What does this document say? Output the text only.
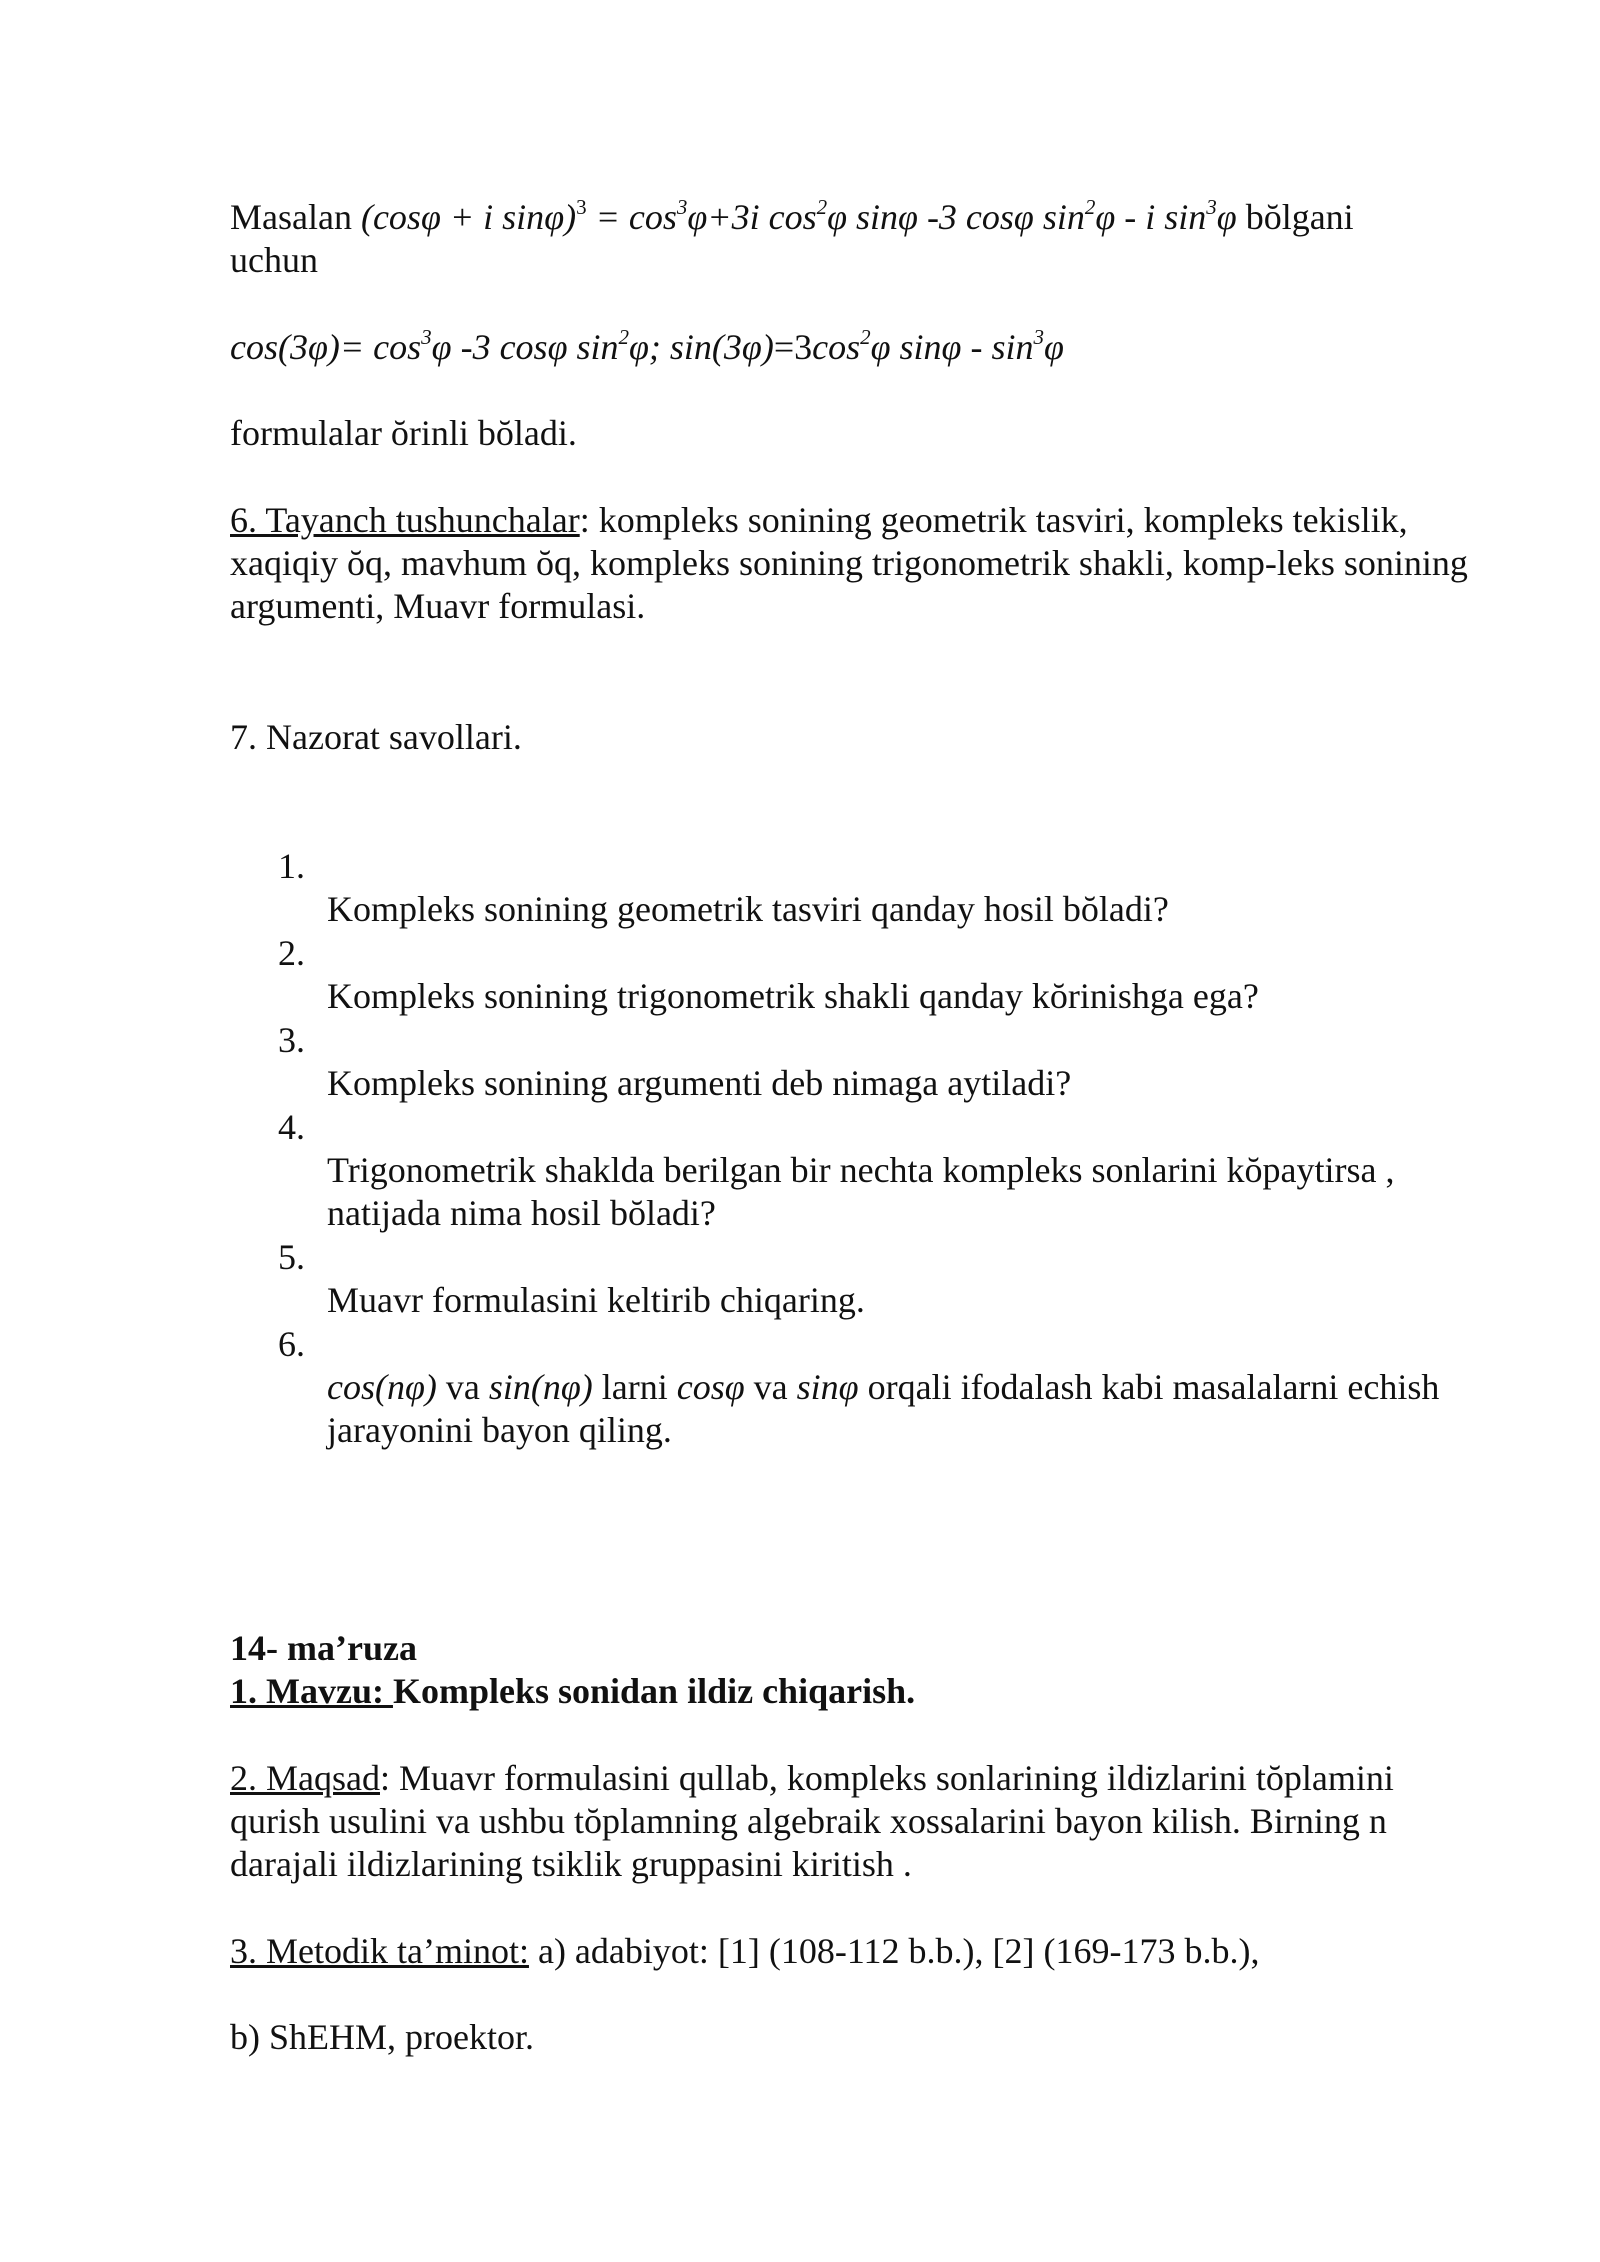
Masalan (cosφ + i $\sin\varphi)^3 = \cos^3\varphi+3i$ $\cos^2\varphi$ sinφ -3 cosφ $\sin^2\varphi$ - i $\sin^3\varphi$ bŏlgani
uchun

$\cos(3\varphi)= \cos^3\varphi$ -3 cosφ $\sin^2\varphi$; $\sin(3\varphi)=3\cos^2\varphi$ sinφ - $\sin^3\varphi$

formulalar ŏrinli bŏladi.

6. Tayanch tushunchalar: kompleks sonining geometrik tasviri, kompleks tekislik, xaqiqiy ŏq, mavhum ŏq, kompleks sonining trigonometrik shakli, komp-leks sonining argumenti, Muavr formulasi.

7. Nazorat savollari.

1.
Kompleks sonining geometrik tasviri qanday hosil bŏladi?
2.
Kompleks sonining trigonometrik shakli qanday kŏrinishga ega?
3.
Kompleks sonining argumenti deb nimaga aytiladi?
4.
Trigonometrik shaklda berilgan bir nechta kompleks sonlarini kŏpaytirsa , natijada nima hosil bŏladi?
5.
Muavr formulasini keltirib chiqaring.
6.
cos(nφ) va sin(nφ) larni cosφ va sinφ orqali ifodalash kabi masalalarni echish jarayonini bayon qiling.

14- ma’ruza

1. Mavzu: Kompleks sonidan ildiz chiqarish.

2. Maqsad: Muavr formulasini qullab, kompleks sonlarining ildizlarini tŏplamini qurish usulini va ushbu tŏplamning algebraik xossalarini bayon kilish. Birning n darajali ildizlarining tsiklik gruppasini kiritish .

3. Metodik ta’minot: a) adabiyot: [1] (108-112 b.b.), [2] (169-173 b.b.),

b) ShEHM, proektor.
